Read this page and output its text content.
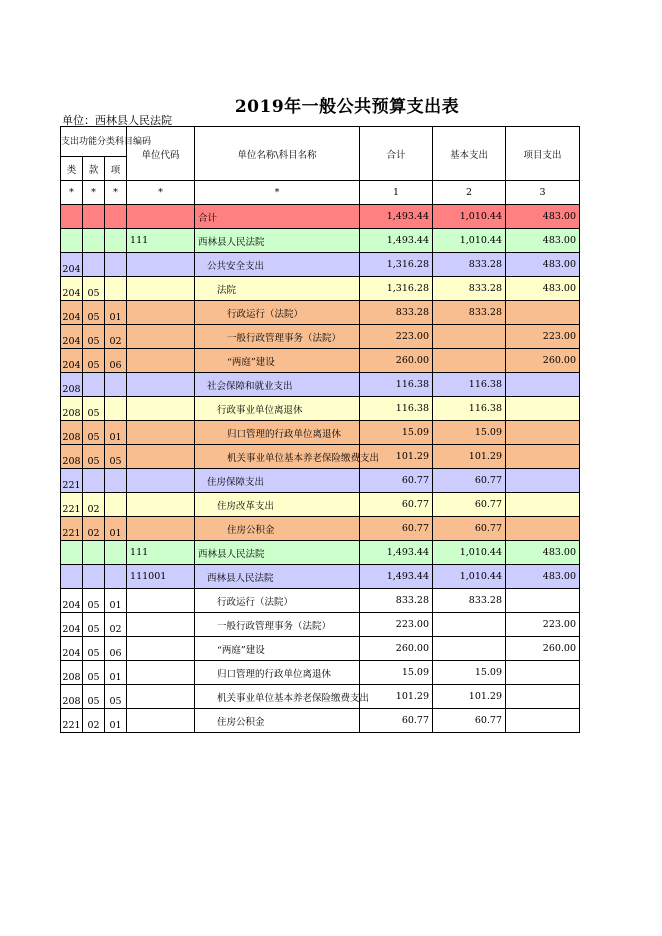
2019年一般公共预算支出表
单位：西林县人民法院
支出功能分类科目编码			单位代码	单位名称\科目名称	合计	基本支出	项目支出
类	款	项					
*	*	*	*	*	1	2	3
				合计	1,493.44	1,010.44	483.00
			111	西林县人民法院	1,493.44	1,010.44	483.00
204				公共安全支出	1,316.28	833.28	483.00
204	05			法院	1,316.28	833.28	483.00
204	05	01		行政运行（法院）	833.28	833.28	
204	05	02		一般行政管理事务（法院）	223.00		223.00
204	05	06		“两庭”建设	260.00		260.00
208				社会保障和就业支出	116.38	116.38	
208	05			行政事业单位离退休	116.38	116.38	
208	05	01		归口管理的行政单位离退休	15.09	15.09	
208	05	05		机关事业单位基本养老保险缴费支出	101.29	101.29	
221				住房保障支出	60.77	60.77	
221	02			住房改革支出	60.77	60.77	
221	02	01		住房公积金	60.77	60.77	
			111	西林县人民法院	1,493.44	1,010.44	483.00
			111001	西林县人民法院	1,493.44	1,010.44	483.00
204	05	01		行政运行（法院）	833.28	833.28	
204	05	02		一般行政管理事务（法院）	223.00		223.00
204	05	06		“两庭”建设	260.00		260.00
208	05	01		归口管理的行政单位离退休	15.09	15.09	
208	05	05		机关事业单位基本养老保险缴费支出	101.29	101.29	
221	02	01		住房公积金	60.77	60.77	
